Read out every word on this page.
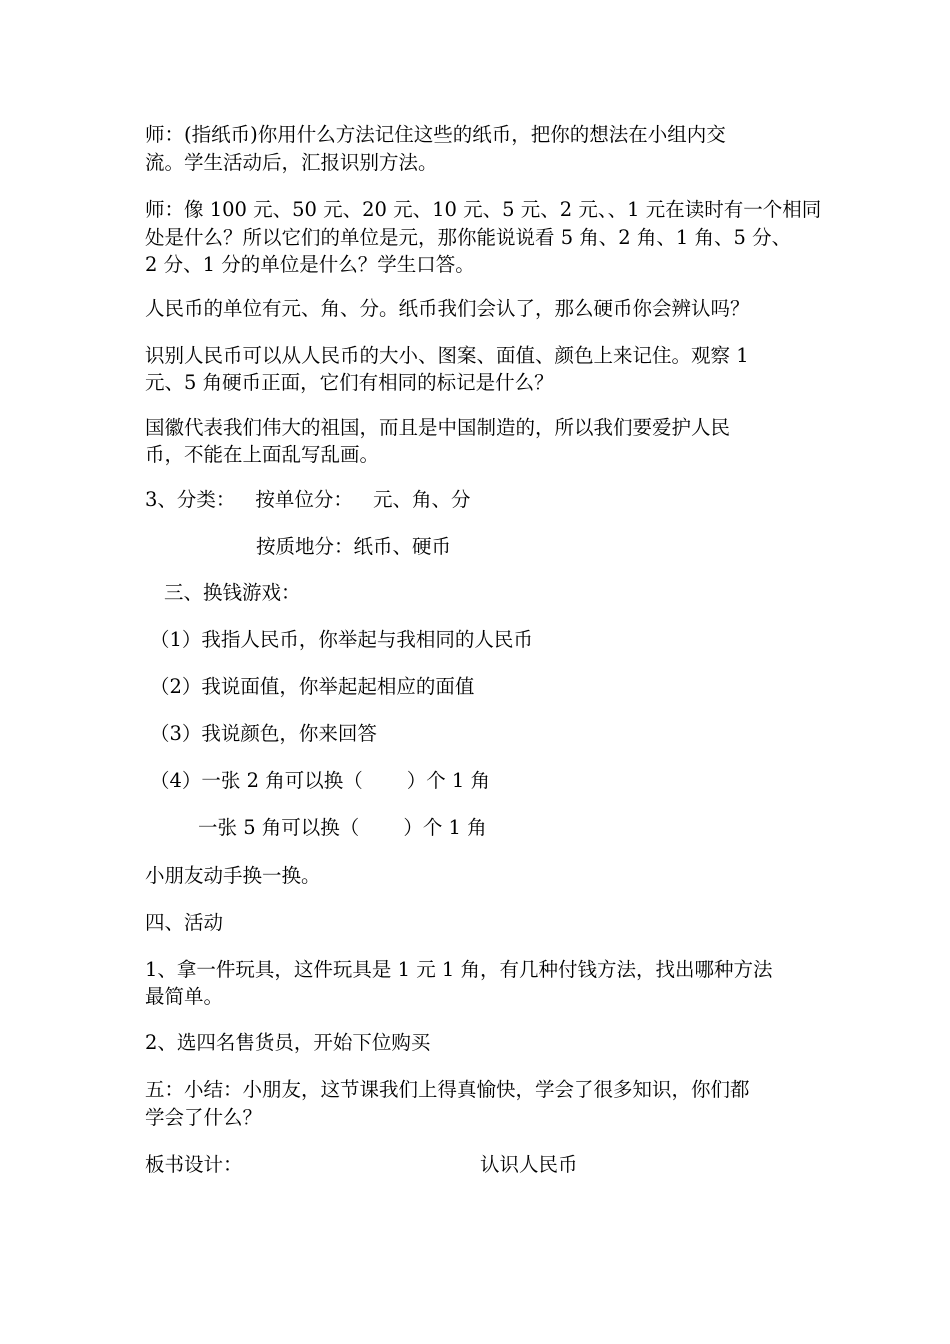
师：(指纸币)你用什么方法记住这些的纸币，把你的想法在小组内交

流。学生活动后，汇报识别方法。

师：像 100 元、50 元、20 元、10 元、5 元、2 元、、1 元在读时有一个相同

处是什么？所以它们的单位是元，那你能说说看 5 角、2 角、1 角、5 分、

2 分、1 分的单位是什么？学生口答。

人民币的单位有元、角、分。纸币我们会认了，那么硬币你会辨认吗？

识别人民币可以从人民币的大小、图案、面值、颜色上来记住。观察 1

元、5 角硬币正面，它们有相同的标记是什么？

国徽代表我们伟大的祖国，而且是中国制造的，所以我们要爱护人民

币，不能在上面乱写乱画。

3、分类： 按单位分： 元、角、分

按质地分：纸币、硬币

三、换钱游戏：

（1）我指人民币，你举起与我相同的人民币

（2）我说面值，你举起起相应的面值

（3）我说颜色，你来回答

（4）一张 2 角可以换（ ）个 1 角

一张 5 角可以换（ ）个 1 角

小朋友动手换一换。

四、活动

1、拿一件玩具，这件玩具是 1 元 1 角，有几种付钱方法，找出哪种方法

最简单。

2、选四名售货员，开始下位购买

五：小结：小朋友，这节课我们上得真愉快，学会了很多知识，你们都

学会了什么？

板书设计：	认识人民币
